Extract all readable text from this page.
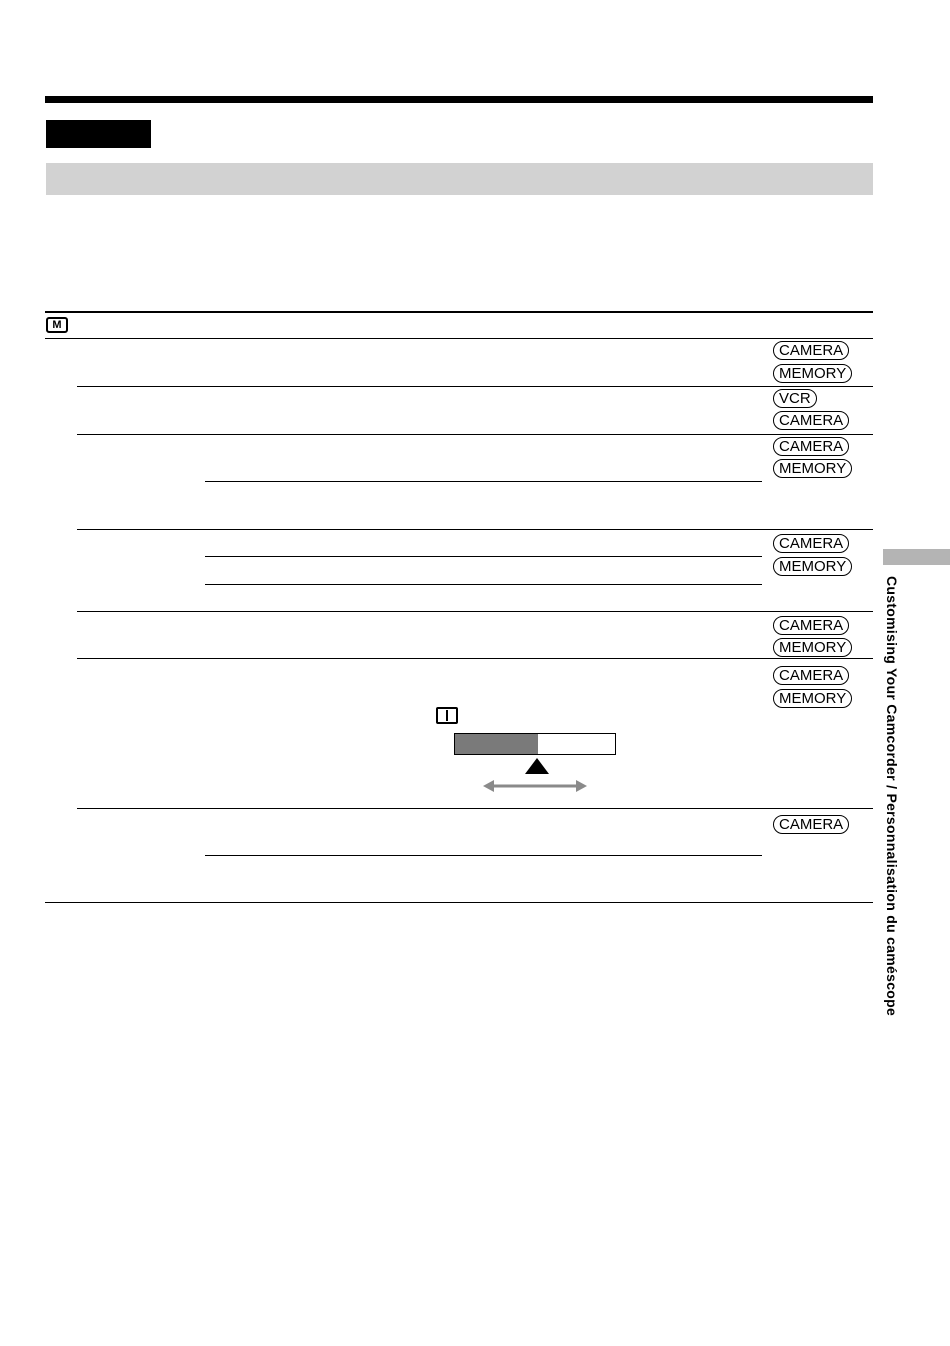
M
CAMERA
MEMORY
VCR
CAMERA
CAMERA
MEMORY
CAMERA
MEMORY
CAMERA
MEMORY
CAMERA
MEMORY
CAMERA	Customising Your Camcorder / Personnalisation du caméscope
